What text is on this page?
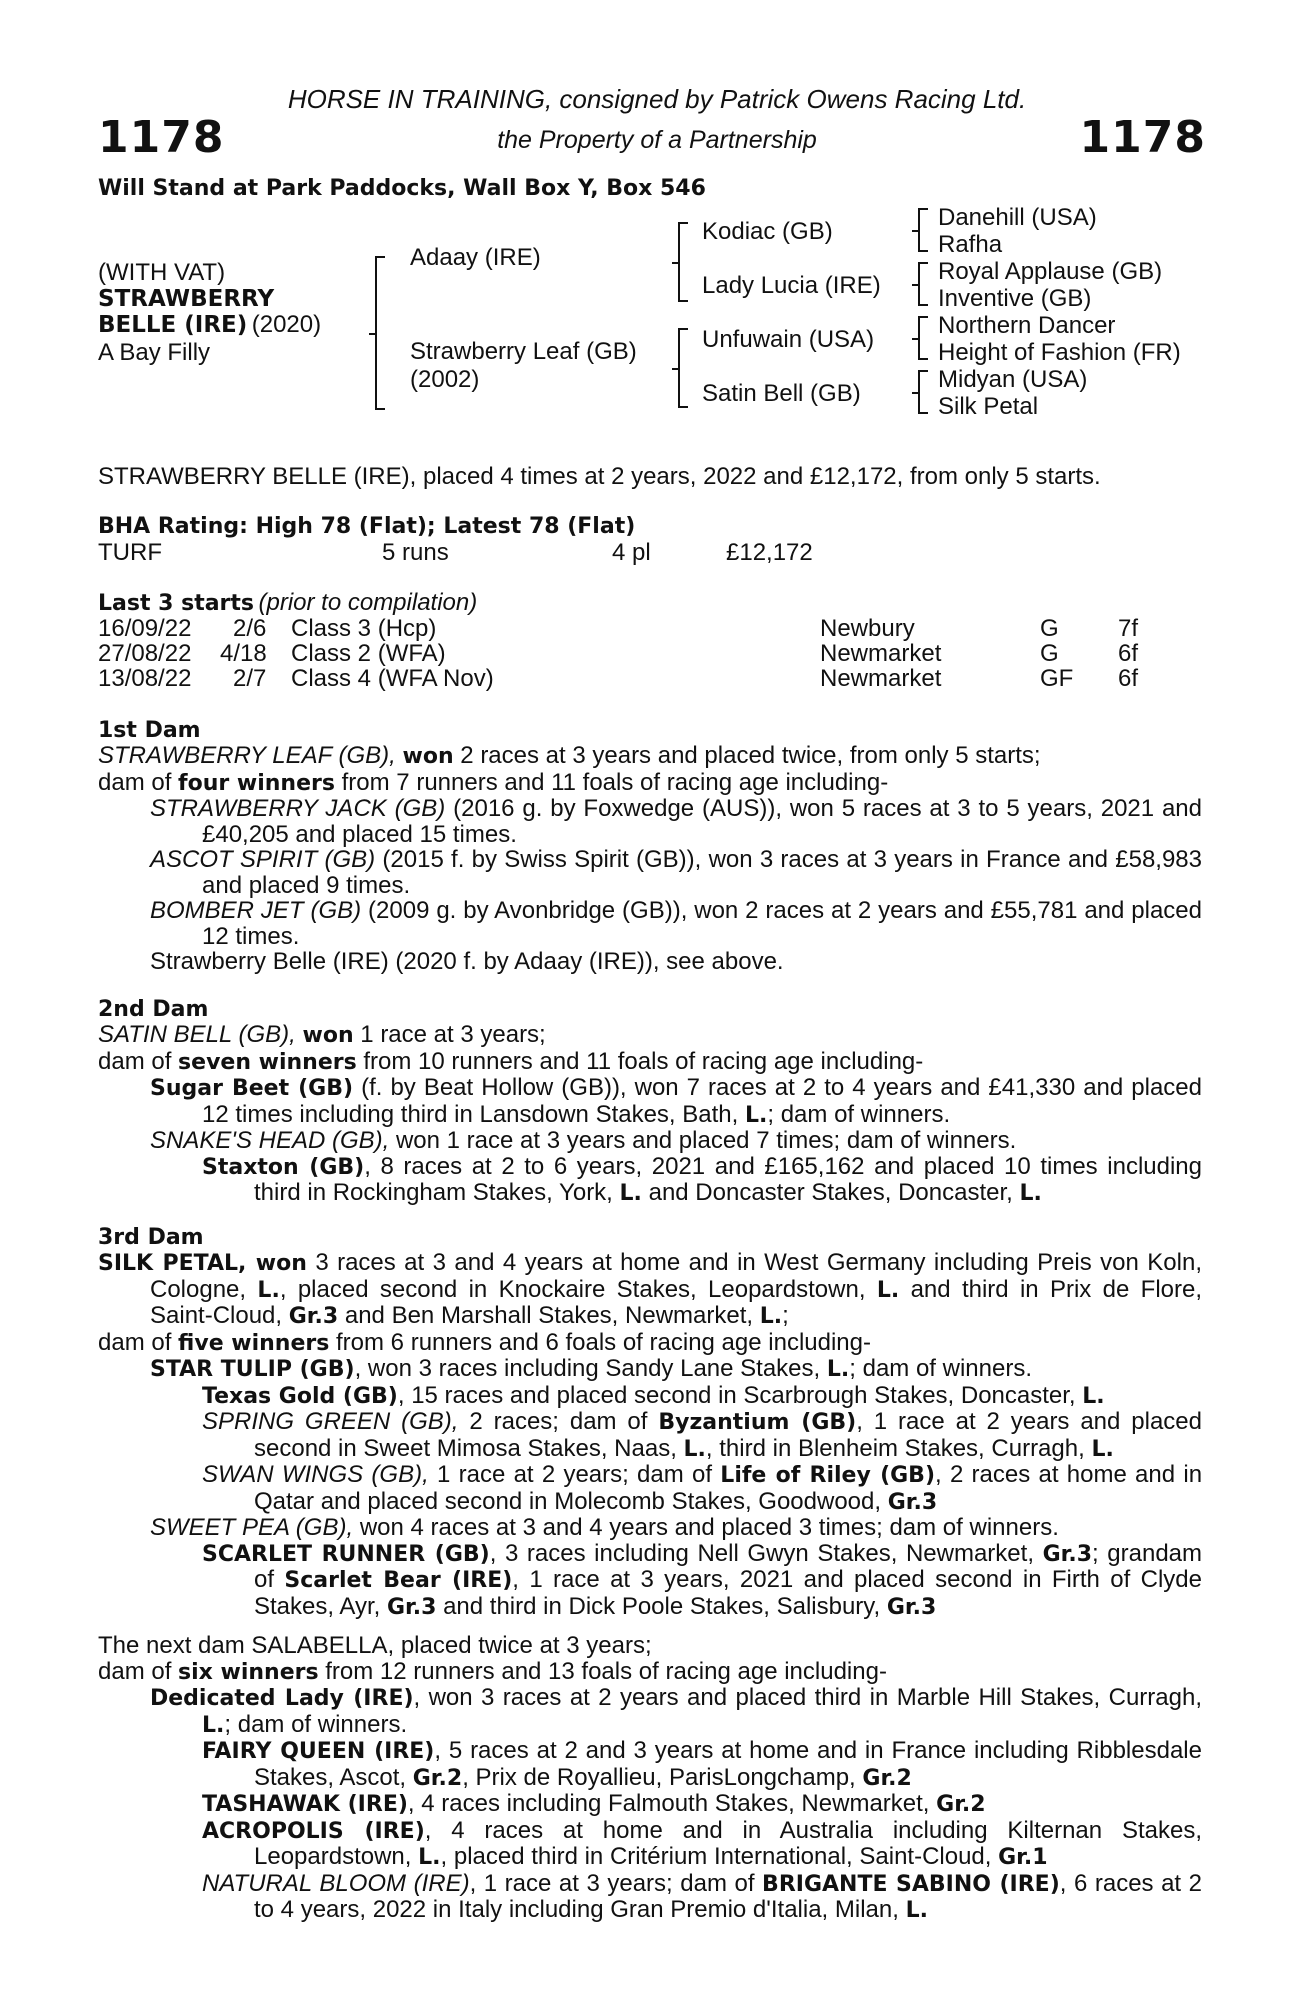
1178	1178
HORSE IN TRAINING, consigned by Patrick Owens Racing Ltd.
the Property of a Partnership
Will Stand at Park Paddocks, Wall Box Y, Box 546
(WITH VAT)
STRAWBERRY
BELLE (IRE) (2020)
A Bay Filly
Adaay (IRE)
Strawberry Leaf (GB)
(2002)
Kodiac (GB)
Lady Lucia (IRE)
Unfuwain (USA)
Satin Bell (GB)
Danehill (USA)
Rafha
Royal Applause (GB)
Inventive (GB)
Northern Dancer
Height of Fashion (FR)
Midyan (USA)
Silk Petal
STRAWBERRY BELLE (IRE), placed 4 times at 2 years, 2022 and £12,172, from only 5 starts.
BHA Rating: High 78 (Flat); Latest 78 (Flat)
TURF	5 runs	4 pl	£12,172
Last 3 starts (prior to compilation)
16/09/22 2/6 Class 3 (Hcp)	Newbury	G 7f
27/08/22 4/18 Class 2 (WFA)	Newmarket	G 6f
13/08/22 2/7 Class 4 (WFA Nov)	Newmarket	GF 6f
1st Dam
STRAWBERRY LEAF (GB), won 2 races at 3 years and placed twice, from only 5 starts;
dam of four winners from 7 runners and 11 foals of racing age including-
STRAWBERRY JACK (GB) (2016 g. by Foxwedge (AUS)), won 5 races at 3 to 5 years, 2021 and £40,205 and placed 15 times.
ASCOT SPIRIT (GB) (2015 f. by Swiss Spirit (GB)), won 3 races at 3 years in France and £58,983 and placed 9 times.
BOMBER JET (GB) (2009 g. by Avonbridge (GB)), won 2 races at 2 years and £55,781 and placed 12 times.
Strawberry Belle (IRE) (2020 f. by Adaay (IRE)), see above.
2nd Dam
SATIN BELL (GB), won 1 race at 3 years;
dam of seven winners from 10 runners and 11 foals of racing age including-
Sugar Beet (GB) (f. by Beat Hollow (GB)), won 7 races at 2 to 4 years and £41,330 and placed 12 times including third in Lansdown Stakes, Bath, L.; dam of winners.
SNAKE'S HEAD (GB), won 1 race at 3 years and placed 7 times; dam of winners.
Staxton (GB), 8 races at 2 to 6 years, 2021 and £165,162 and placed 10 times including third in Rockingham Stakes, York, L. and Doncaster Stakes, Doncaster, L.
3rd Dam
SILK PETAL, won 3 races at 3 and 4 years at home and in West Germany including Preis von Koln, Cologne, L., placed second in Knockaire Stakes, Leopardstown, L. and third in Prix de Flore, Saint-Cloud, Gr.3 and Ben Marshall Stakes, Newmarket, L.;
dam of five winners from 6 runners and 6 foals of racing age including-
STAR TULIP (GB), won 3 races including Sandy Lane Stakes, L.; dam of winners.
Texas Gold (GB), 15 races and placed second in Scarbrough Stakes, Doncaster, L.
SPRING GREEN (GB), 2 races; dam of Byzantium (GB), 1 race at 2 years and placed second in Sweet Mimosa Stakes, Naas, L., third in Blenheim Stakes, Curragh, L.
SWAN WINGS (GB), 1 race at 2 years; dam of Life of Riley (GB), 2 races at home and in Qatar and placed second in Molecomb Stakes, Goodwood, Gr.3
SWEET PEA (GB), won 4 races at 3 and 4 years and placed 3 times; dam of winners.
SCARLET RUNNER (GB), 3 races including Nell Gwyn Stakes, Newmarket, Gr.3; grandam of Scarlet Bear (IRE), 1 race at 3 years, 2021 and placed second in Firth of Clyde Stakes, Ayr, Gr.3 and third in Dick Poole Stakes, Salisbury, Gr.3
The next dam SALABELLA, placed twice at 3 years;
dam of six winners from 12 runners and 13 foals of racing age including-
Dedicated Lady (IRE), won 3 races at 2 years and placed third in Marble Hill Stakes, Curragh, L.; dam of winners.
FAIRY QUEEN (IRE), 5 races at 2 and 3 years at home and in France including Ribblesdale Stakes, Ascot, Gr.2, Prix de Royallieu, ParisLongchamp, Gr.2
TASHAWAK (IRE), 4 races including Falmouth Stakes, Newmarket, Gr.2
ACROPOLIS (IRE), 4 races at home and in Australia including Kilternan Stakes, Leopardstown, L., placed third in Critérium International, Saint-Cloud, Gr.1
NATURAL BLOOM (IRE), 1 race at 3 years; dam of BRIGANTE SABINO (IRE), 6 races at 2 to 4 years, 2022 in Italy including Gran Premio d'Italia, Milan, L.
